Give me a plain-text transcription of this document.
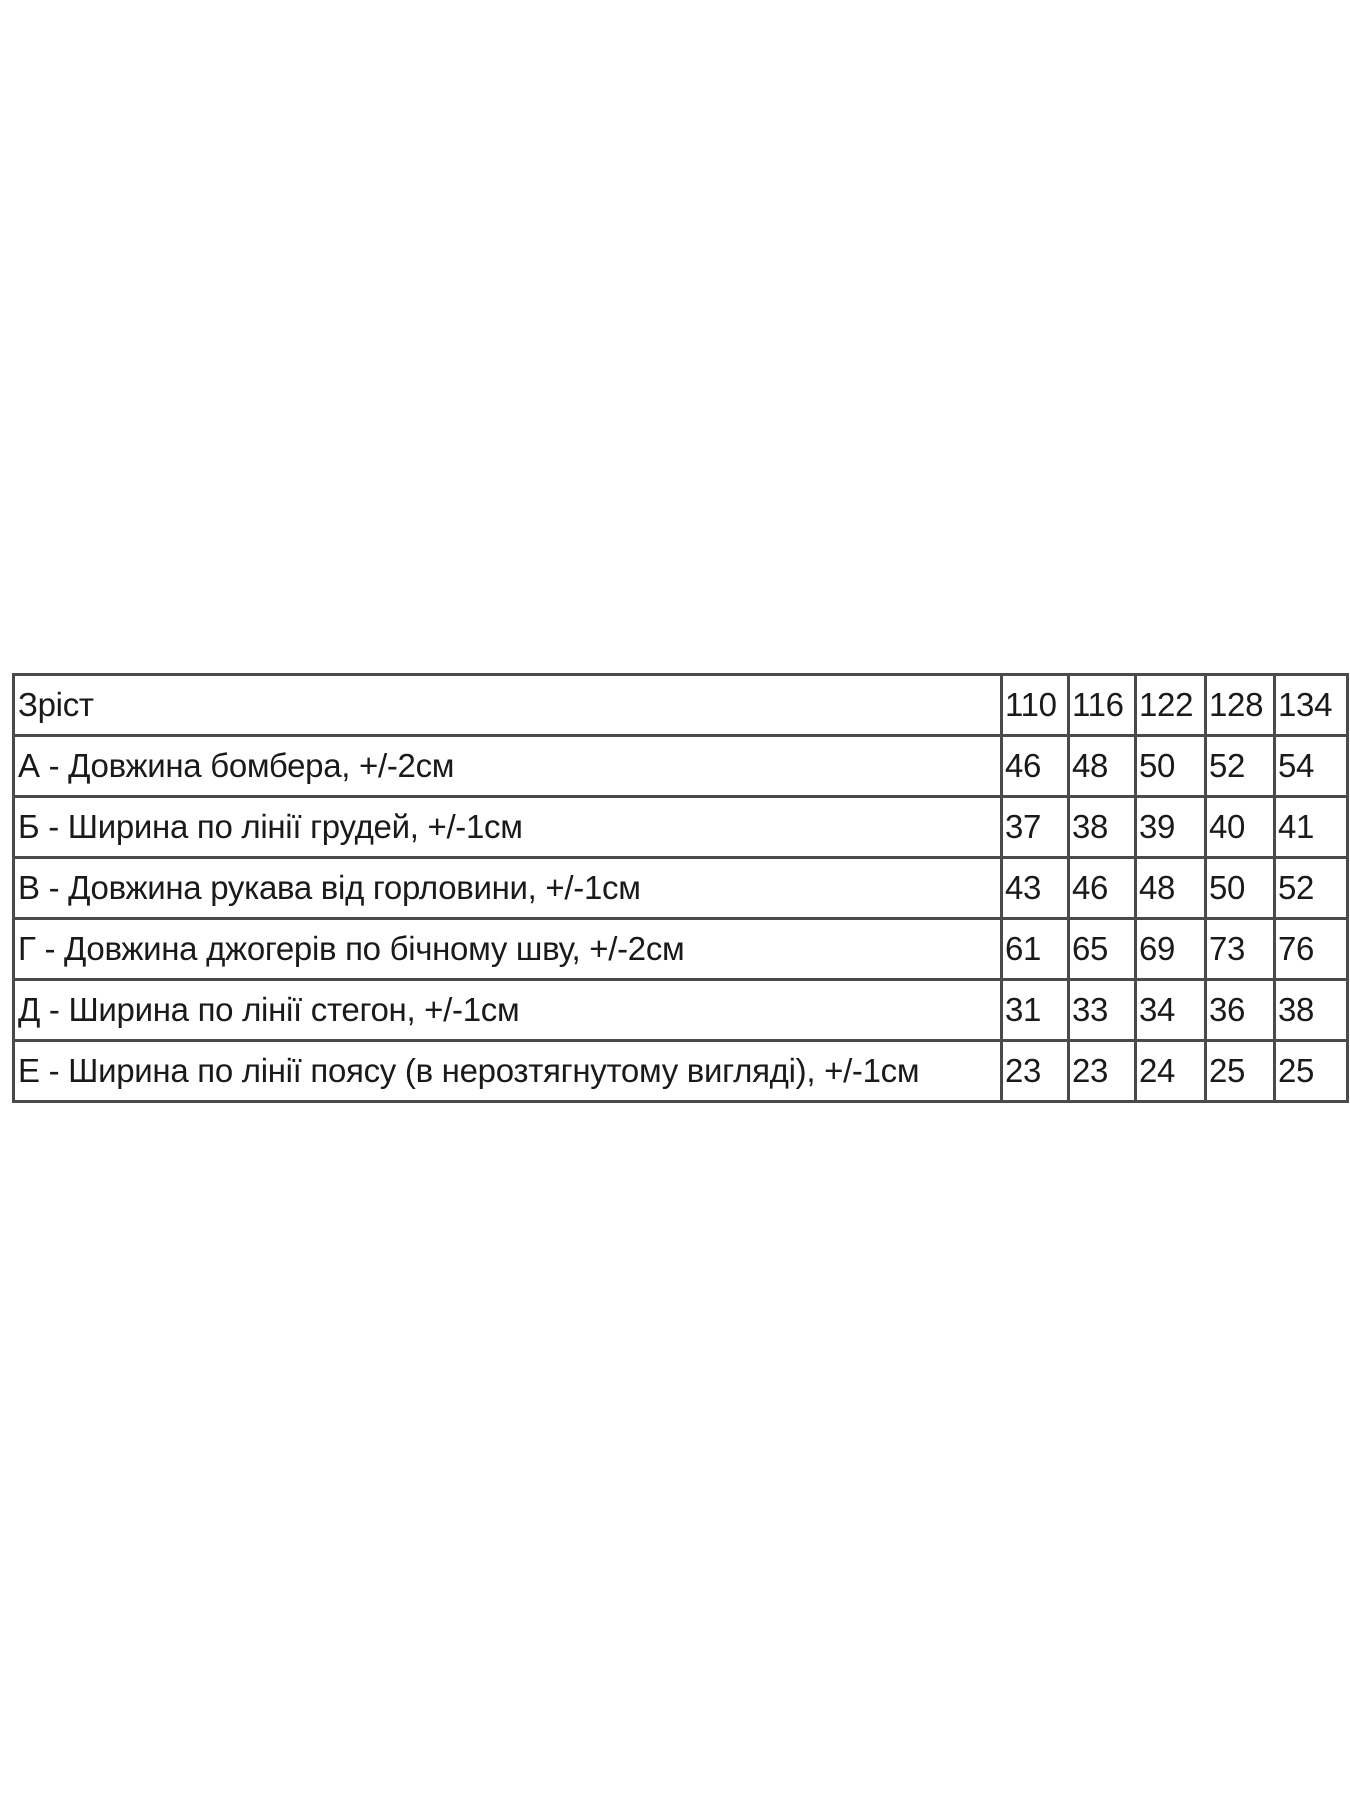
Зріст	110	116	122	128	134
А - Довжина бомбера, +/-2см	46	48	50	52	54
Б - Ширина по лінії грудей, +/-1см	37	38	39	40	41
В - Довжина рукава від горловини, +/-1см	43	46	48	50	52
Г - Довжина джогерів по бічному шву, +/-2см	61	65	69	73	76
Д - Ширина по лінії стегон, +/-1см	31	33	34	36	38
Е - Ширина по лінії поясу (в нерозтягнутому вигляді), +/-1см	23	23	24	25	25
